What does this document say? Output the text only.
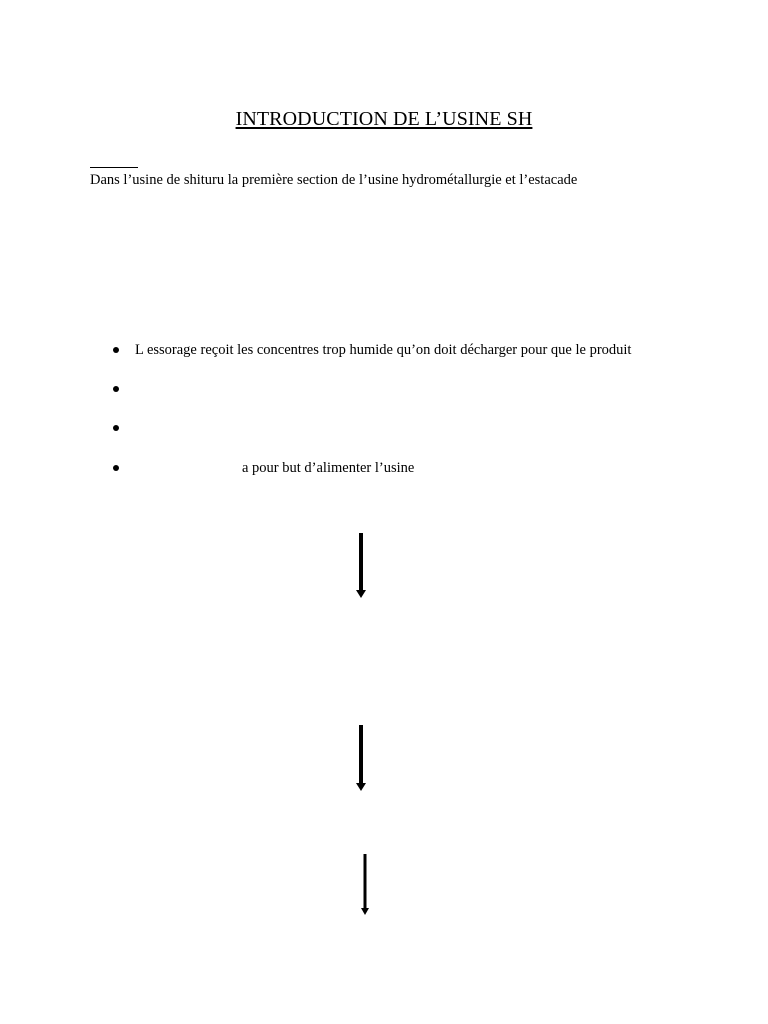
INTRODUCTION DE L’USINE SH
Dans l’usine de shituru la première section de l’usine hydrométallurgie et l’estacade
L essorage reçoit les concentres trop humide qu’on doit décharger pour que le produit
a pour but d’alimenter l’usine
